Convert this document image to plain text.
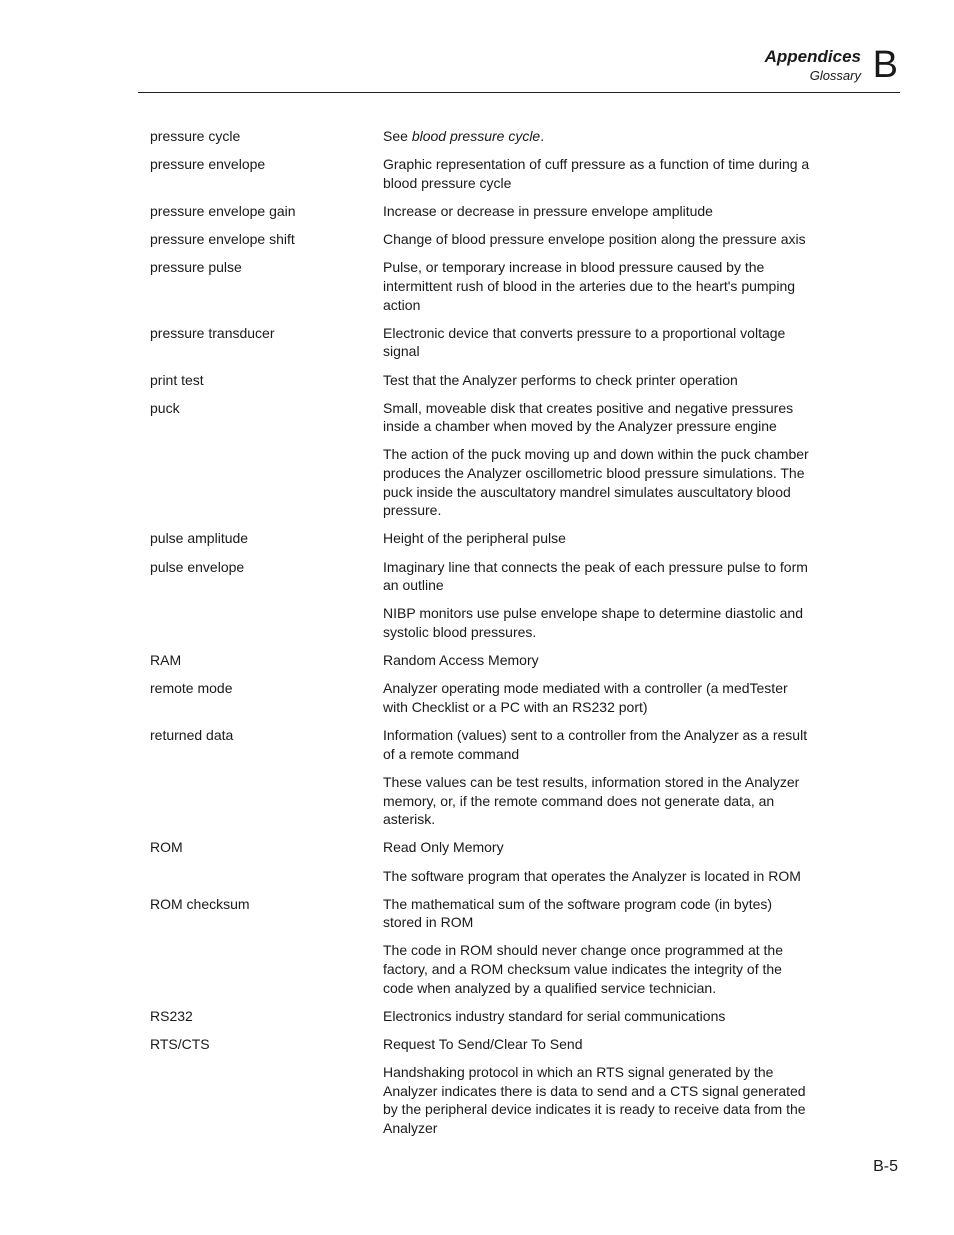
Appendices
Glossary B
pressure cycle	See blood pressure cycle.

pressure envelope	Graphic representation of cuff pressure as a function of time during a blood pressure cycle

pressure envelope gain	Increase or decrease in pressure envelope amplitude

pressure envelope shift	Change of blood pressure envelope position along the pressure axis

pressure pulse	Pulse, or temporary increase in blood pressure caused by the intermittent rush of blood in the arteries due to the heart's pumping action

pressure transducer	Electronic device that converts pressure to a proportional voltage signal

print test	Test that the Analyzer performs to check printer operation

puck	Small, moveable disk that creates positive and negative pressures inside a chamber when moved by the Analyzer pressure engine

The action of the puck moving up and down within the puck chamber produces the Analyzer oscillometric blood pressure simulations. The puck inside the auscultatory mandrel simulates auscultatory blood pressure.

pulse amplitude	Height of the peripheral pulse

pulse envelope	Imaginary line that connects the peak of each pressure pulse to form an outline

NIBP monitors use pulse envelope shape to determine diastolic and systolic blood pressures.

RAM	Random Access Memory

remote mode	Analyzer operating mode mediated with a controller (a medTester with Checklist or a PC with an RS232 port)

returned data	Information (values) sent to a controller from the Analyzer as a result of a remote command

These values can be test results, information stored in the Analyzer memory, or, if the remote command does not generate data, an asterisk.

ROM	Read Only Memory

The software program that operates the Analyzer is located in ROM

ROM checksum	The mathematical sum of the software program code (in bytes) stored in ROM

The code in ROM should never change once programmed at the factory, and a ROM checksum value indicates the integrity of the code when analyzed by a qualified service technician.

RS232	Electronics industry standard for serial communications

RTS/CTS	Request To Send/Clear To Send

Handshaking protocol in which an RTS signal generated by the Analyzer indicates there is data to send and a CTS signal generated by the peripheral device indicates it is ready to receive data from the Analyzer

B-5
